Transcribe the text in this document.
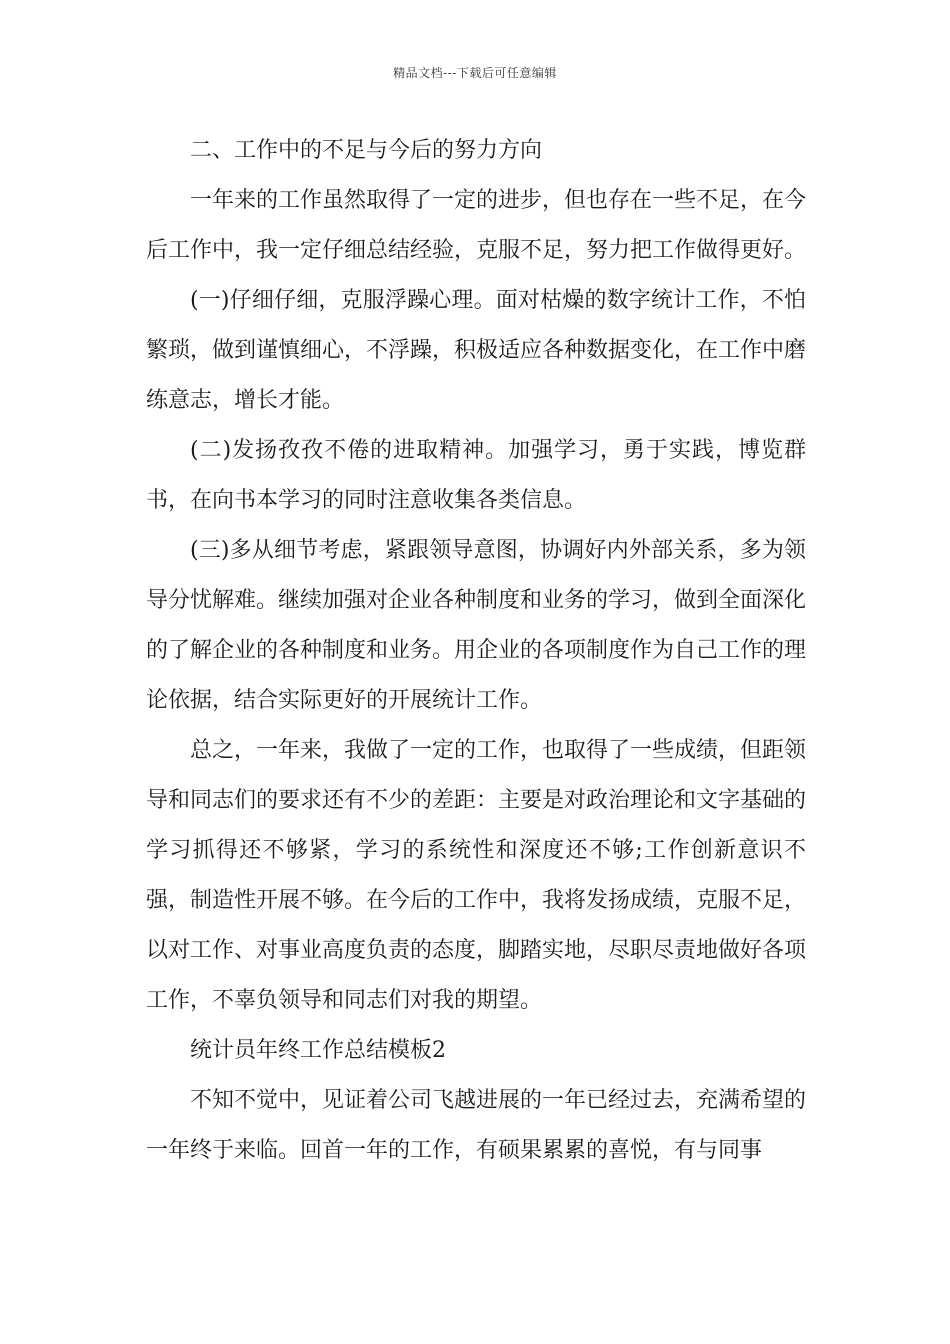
精品文档---下载后可任意编辑

二、工作中的不足与今后的努力方向

一年来的工作虽然取得了一定的进步，但也存在一些不足，在今后工作中，我一定仔细总结经验，克服不足，努力把工作做得更好。

(一)仔细仔细，克服浮躁心理。面对枯燥的数字统计工作，不怕繁琐，做到谨慎细心，不浮躁，积极适应各种数据变化，在工作中磨练意志，增长才能。

(二)发扬孜孜不倦的进取精神。加强学习，勇于实践，博览群书，在向书本学习的同时注意收集各类信息。

(三)多从细节考虑，紧跟领导意图，协调好内外部关系，多为领导分忧解难。继续加强对企业各种制度和业务的学习，做到全面深化的了解企业的各种制度和业务。用企业的各项制度作为自己工作的理论依据，结合实际更好的开展统计工作。

总之，一年来，我做了一定的工作，也取得了一些成绩，但距领导和同志们的要求还有不少的差距：主要是对政治理论和文字基础的学习抓得还不够紧，学习的系统性和深度还不够;工作创新意识不强，制造性开展不够。在今后的工作中，我将发扬成绩，克服不足，以对工作、对事业高度负责的态度，脚踏实地，尽职尽责地做好各项工作，不辜负领导和同志们对我的期望。

统计员年终工作总结模板2

不知不觉中，见证着公司飞越进展的一年已经过去，充满希望的一年终于来临。回首一年的工作，有硕果累累的喜悦，有与同事
